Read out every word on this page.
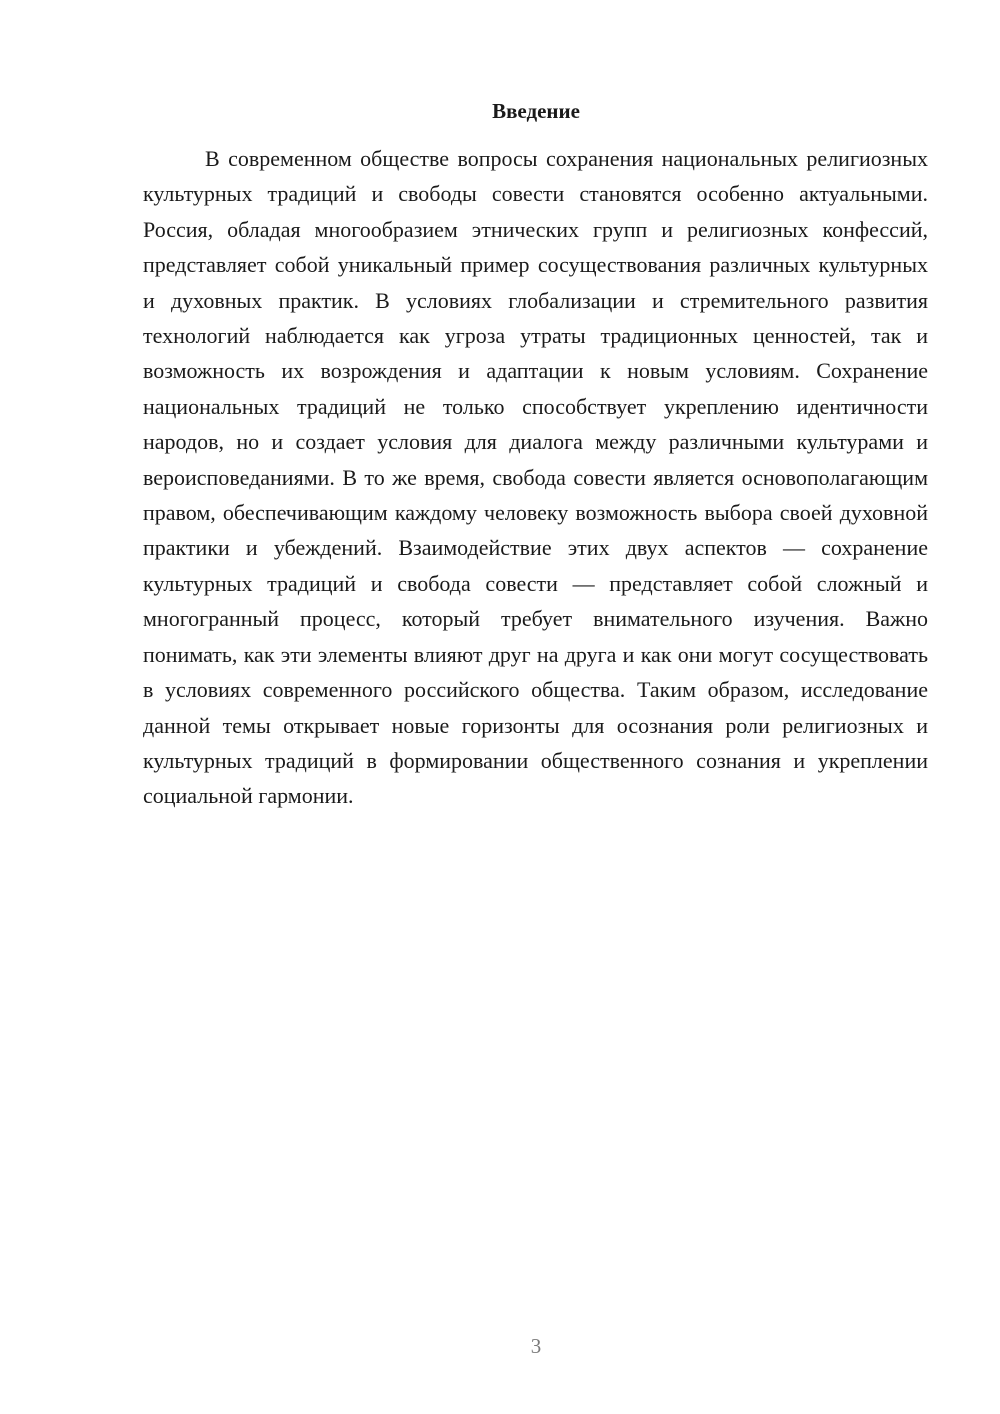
Введение

В современном обществе вопросы сохранения национальных религиозных культурных традиций и свободы совести становятся особенно актуальными. Россия, обладая многообразием этнических групп и религиозных конфессий, представляет собой уникальный пример сосуществования различных культурных и духовных практик. В условиях глобализации и стремительного развития технологий наблюдается как угроза утраты традиционных ценностей, так и возможность их возрождения и адаптации к новым условиям. Сохранение национальных традиций не только способствует укреплению идентичности народов, но и создает условия для диалога между различными культурами и вероисповеданиями. В то же время, свобода совести является основополагающим правом, обеспечивающим каждому человеку возможность выбора своей духовной практики и убеждений. Взаимодействие этих двух аспектов — сохранение культурных традиций и свобода совести — представляет собой сложный и многогранный процесс, который требует внимательного изучения. Важно понимать, как эти элементы влияют друг на друга и как они могут сосуществовать в условиях современного российского общества. Таким образом, исследование данной темы открывает новые горизонты для осознания роли религиозных и культурных традиций в формировании общественного сознания и укреплении социальной гармонии.

3
